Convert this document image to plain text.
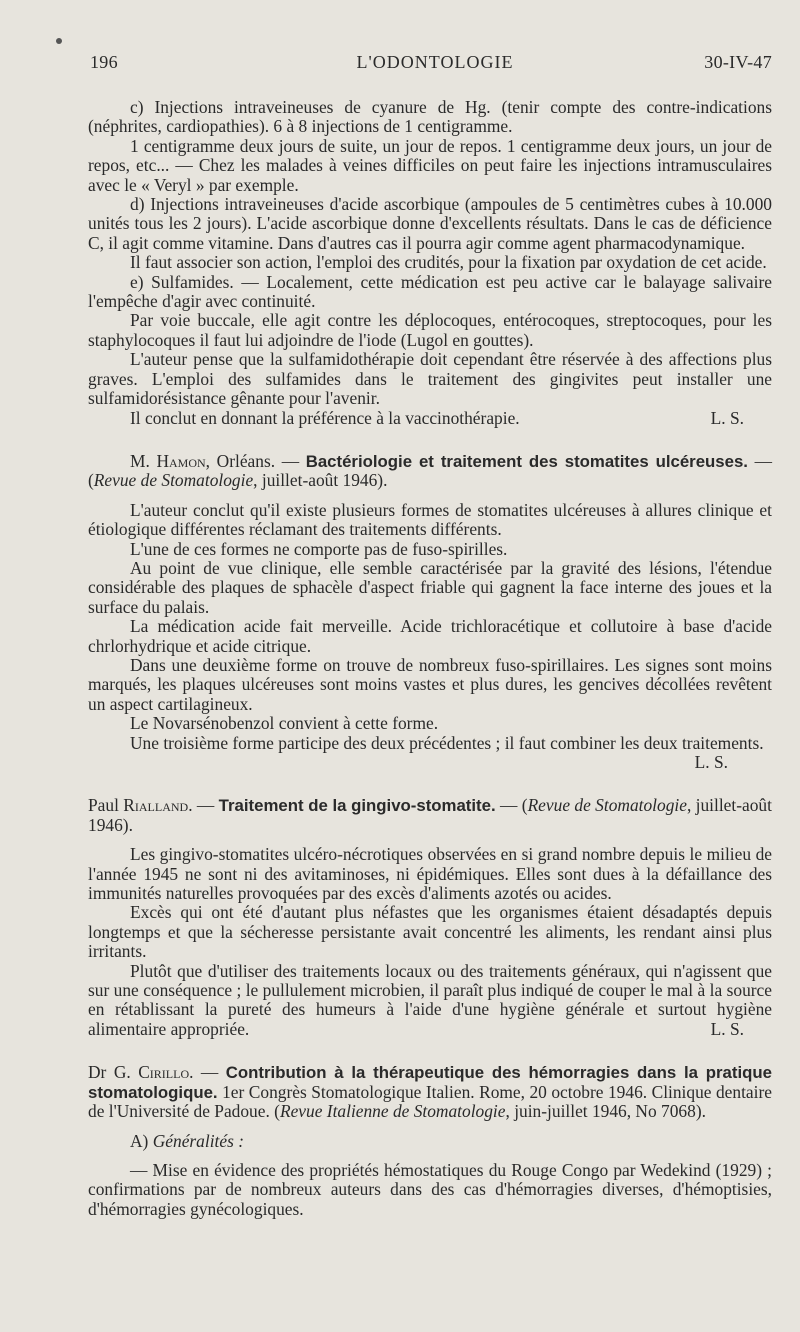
196	L'ODONTOLOGIE	30-IV-47

c) Injections intraveineuses de cyanure de Hg. (tenir compte des contre-indications (néphrites, cardiopathies). 6 à 8 injections de 1 centigramme.

1 centigramme deux jours de suite, un jour de repos. 1 centigramme deux jours, un jour de repos, etc... — Chez les malades à veines difficiles on peut faire les injections intramusculaires avec le « Veryl » par exemple.

d) Injections intraveineuses d'acide ascorbique (ampoules de 5 centimètres cubes à 10.000 unités tous les 2 jours). L'acide ascorbique donne d'excellents résultats. Dans le cas de déficience C, il agit comme vitamine. Dans d'autres cas il pourra agir comme agent pharmacodynamique.

Il faut associer son action, l'emploi des crudités, pour la fixation par oxydation de cet acide.

e) Sulfamides. — Localement, cette médication est peu active car le balayage salivaire l'empêche d'agir avec continuité.

Par voie buccale, elle agit contre les déplocoques, entérocoques, streptocoques, pour les staphylocoques il faut lui adjoindre de l'iode (Lugol en gouttes).

L'auteur pense que la sulfamidothérapie doit cependant être réservée à des affections plus graves. L'emploi des sulfamides dans le traitement des gingivites peut installer une sulfamidorésistance gênante pour l'avenir.

Il conclut en donnant la préférence à la vaccinothérapie.	L. S.

M. Hamon, Orléans. — Bactériologie et traitement des stomatites ulcéreuses. — (Revue de Stomatologie, juillet-août 1946).

L'auteur conclut qu'il existe plusieurs formes de stomatites ulcéreuses à allures clinique et étiologique différentes réclamant des traitements différents.

L'une de ces formes ne comporte pas de fuso-spirilles.

Au point de vue clinique, elle semble caractérisée par la gravité des lésions, l'étendue considérable des plaques de sphacèle d'aspect friable qui gagnent la face interne des joues et la surface du palais.

La médication acide fait merveille. Acide trichloracétique et collutoire à base d'acide chrlorhydrique et acide citrique.

Dans une deuxième forme on trouve de nombreux fuso-spirillaires. Les signes sont moins marqués, les plaques ulcéreuses sont moins vastes et plus dures, les gencives décollées revêtent un aspect cartilagineux.

Le Novarsénobenzol convient à cette forme.

Une troisième forme participe des deux précédentes ; il faut combiner les deux traitements.
L. S.

Paul Rialland. — Traitement de la gingivo-stomatite. — (Revue de Stomatologie, juillet-août 1946).

Les gingivo-stomatites ulcéro-nécrotiques observées en si grand nombre depuis le milieu de l'année 1945 ne sont ni des avitaminoses, ni épidémiques. Elles sont dues à la défaillance des immunités naturelles provoquées par des excès d'aliments azotés ou acides.

Excès qui ont été d'autant plus néfastes que les organismes étaient désadaptés depuis longtemps et que la sécheresse persistante avait concentré les aliments, les rendant ainsi plus irritants.

Plutôt que d'utiliser des traitements locaux ou des traitements généraux, qui n'agissent que sur une conséquence ; le pullulement microbien, il paraît plus indiqué de couper le mal à la source en rétablissant la pureté des humeurs à l'aide d'une hygiène générale et surtout hygiène alimentaire appropriée.	L. S.

Dr G. Cirillo. — Contribution à la thérapeutique des hémorragies dans la pratique stomatologique. 1er Congrès Stomatologique Italien. Rome, 20 octobre 1946. Clinique dentaire de l'Université de Padoue. (Revue Italienne de Stomatologie, juin-juillet 1946, No 7068).

A) Généralités :

— Mise en évidence des propriétés hémostatiques du Rouge Congo par Wedekind (1929) ; confirmations par de nombreux auteurs dans des cas d'hémorragies diverses, d'hémoptisies, d'hémorragies gynécologiques.
